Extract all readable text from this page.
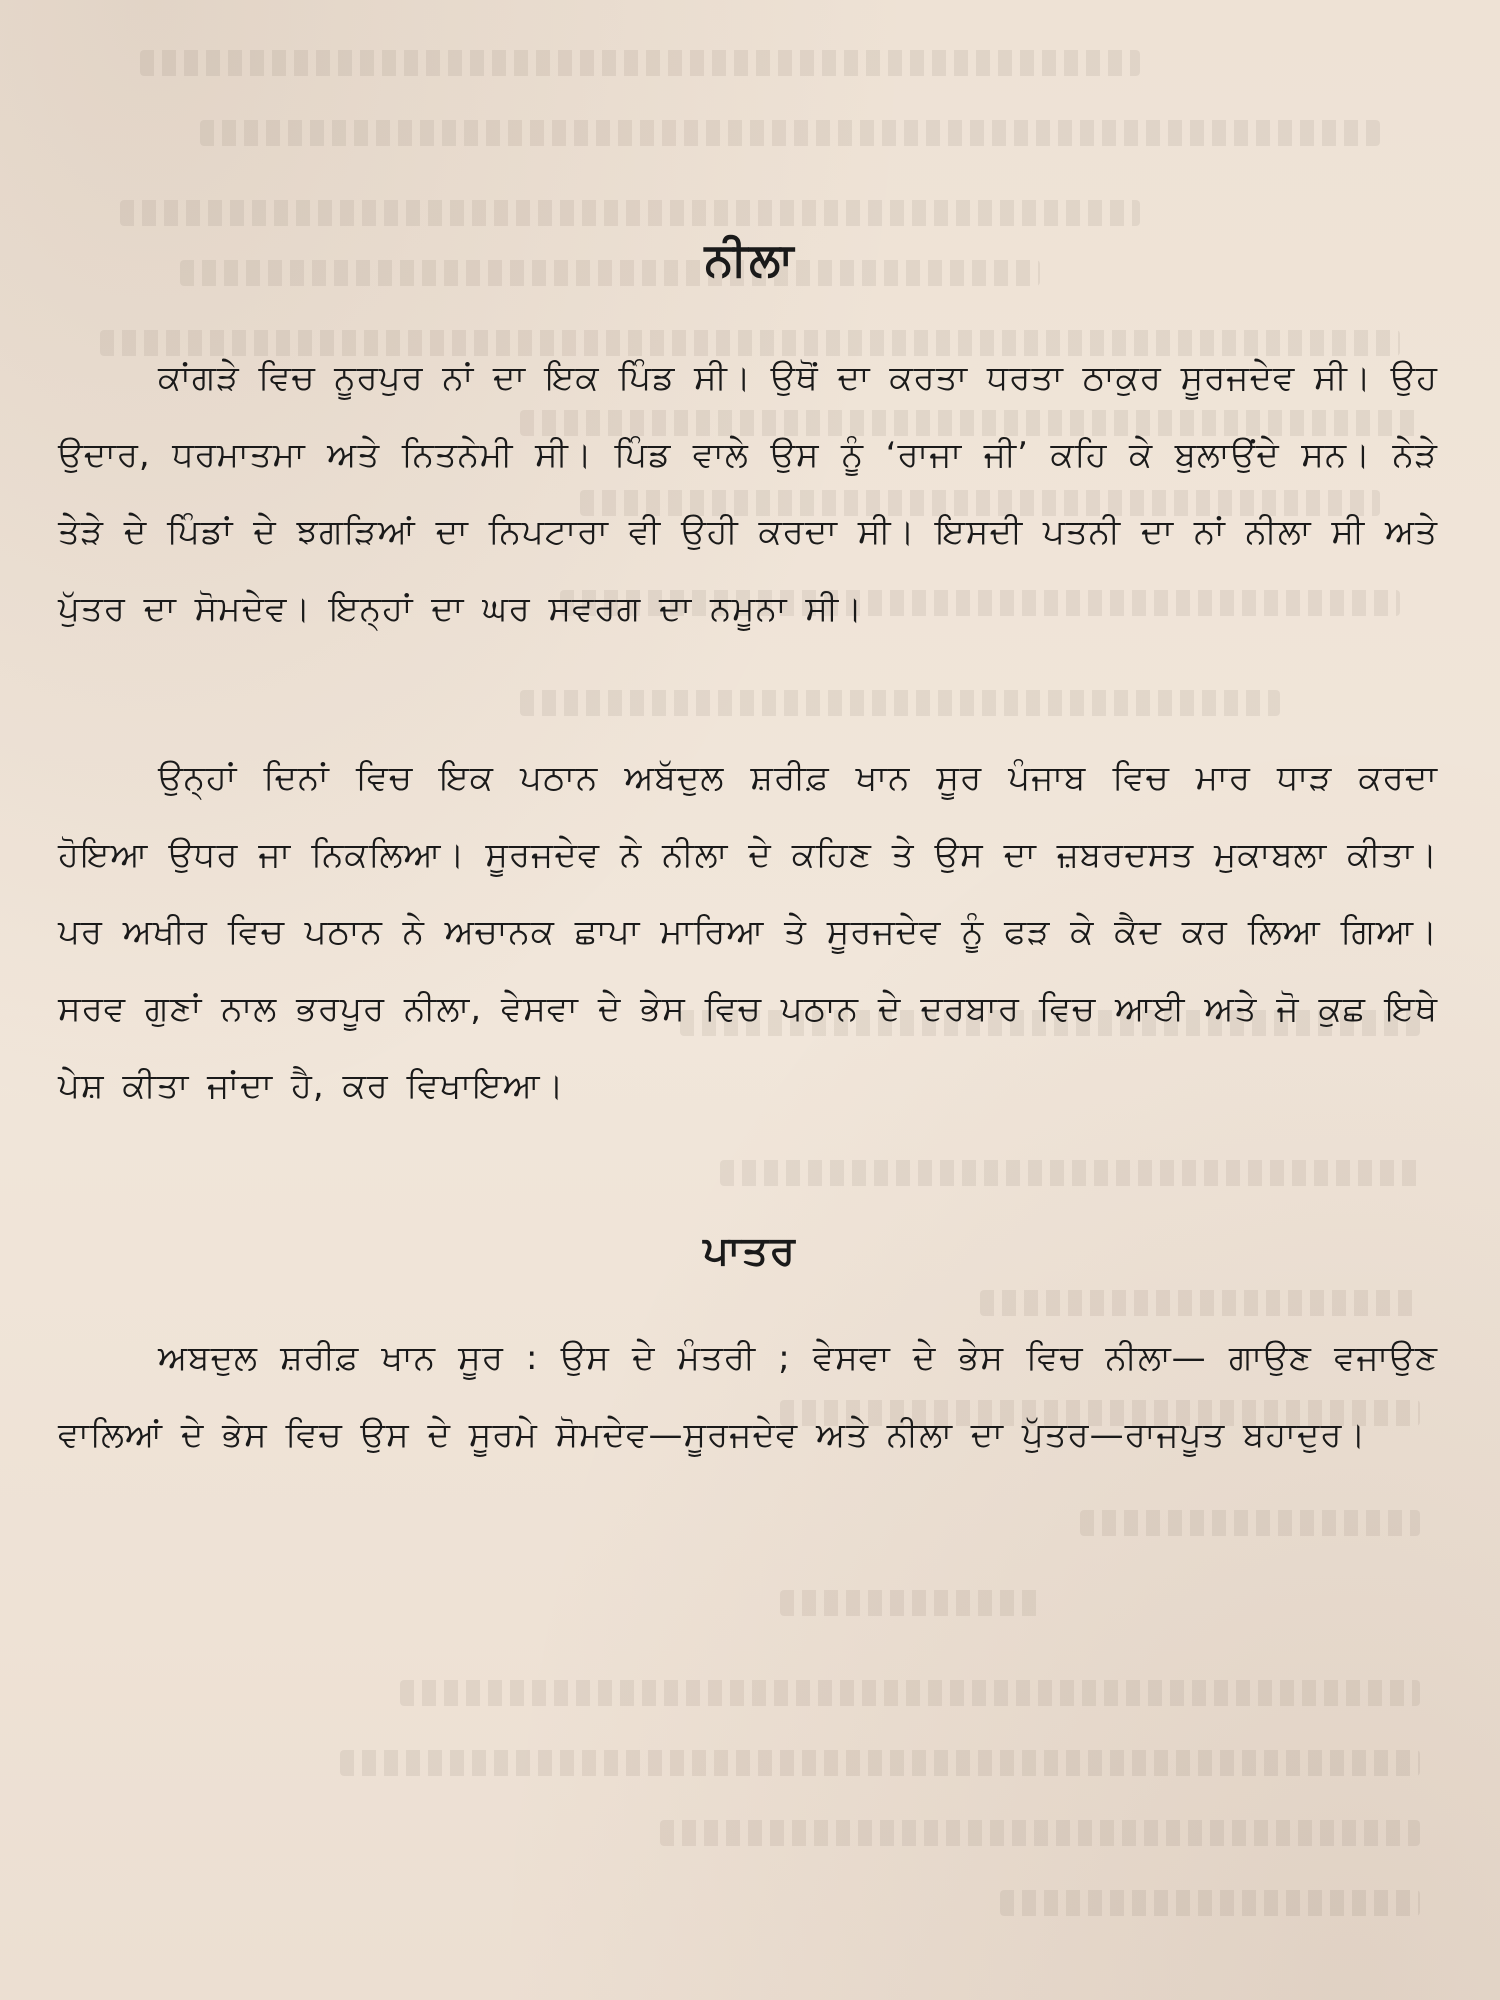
ਨੀਲਾ

ਕਾਂਗੜੇ ਵਿਚ ਨੂਰਪੁਰ ਨਾਂ ਦਾ ਇਕ ਪਿੰਡ ਸੀ। ਉਥੋਂ ਦਾ ਕਰਤਾ ਧਰਤਾ ਠਾਕੁਰ ਸੂਰਜਦੇਵ ਸੀ। ਉਹ ਉਦਾਰ, ਧਰਮਾਤਮਾ ਅਤੇ ਨਿਤਨੇਮੀ ਸੀ। ਪਿੰਡ ਵਾਲੇ ਉਸ ਨੂੰ ‘ਰਾਜਾ ਜੀ’ ਕਹਿ ਕੇ ਬੁਲਾਉਂਦੇ ਸਨ। ਨੇੜੇ ਤੇੜੇ ਦੇ ਪਿੰਡਾਂ ਦੇ ਝਗੜਿਆਂ ਦਾ ਨਿਪਟਾਰਾ ਵੀ ਉਹੀ ਕਰਦਾ ਸੀ। ਇਸਦੀ ਪਤਨੀ ਦਾ ਨਾਂ ਨੀਲਾ ਸੀ ਅਤੇ ਪੁੱਤਰ ਦਾ ਸੋਮਦੇਵ। ਇਨ੍ਹਾਂ ਦਾ ਘਰ ਸਵਰਗ ਦਾ ਨਮੂਨਾ ਸੀ।

ਉਨ੍ਹਾਂ ਦਿਨਾਂ ਵਿਚ ਇਕ ਪਠਾਨ ਅਬੱਦੁਲ ਸ਼ਰੀਫ਼ ਖਾਨ ਸੂਰ ਪੰਜਾਬ ਵਿਚ ਮਾਰ ਧਾੜ ਕਰਦਾ ਹੋਇਆ ਉਧਰ ਜਾ ਨਿਕਲਿਆ। ਸੂਰਜਦੇਵ ਨੇ ਨੀਲਾ ਦੇ ਕਹਿਣ ਤੇ ਉਸ ਦਾ ਜ਼ਬਰਦਸਤ ਮੁਕਾਬਲਾ ਕੀਤਾ। ਪਰ ਅਖੀਰ ਵਿਚ ਪਠਾਨ ਨੇ ਅਚਾਨਕ ਛਾਪਾ ਮਾਰਿਆ ਤੇ ਸੂਰਜਦੇਵ ਨੂੰ ਫੜ ਕੇ ਕੈਦ ਕਰ ਲਿਆ ਗਿਆ। ਸਰਵ ਗੁਣਾਂ ਨਾਲ ਭਰਪੂਰ ਨੀਲਾ, ਵੇਸਵਾ ਦੇ ਭੇਸ ਵਿਚ ਪਠਾਨ ਦੇ ਦਰਬਾਰ ਵਿਚ ਆਈ ਅਤੇ ਜੋ ਕੁਛ ਇਥੇ ਪੇਸ਼ ਕੀਤਾ ਜਾਂਦਾ ਹੈ, ਕਰ ਵਿਖਾਇਆ।

ਪਾਤਰ

ਅਬਦੁਲ ਸ਼ਰੀਫ਼ ਖਾਨ ਸੂਰ : ਉਸ ਦੇ ਮੰਤਰੀ ; ਵੇਸਵਾ ਦੇ ਭੇਸ ਵਿਚ ਨੀਲਾ— ਗਾਉਣ ਵਜਾਉਣ ਵਾਲਿਆਂ ਦੇ ਭੇਸ ਵਿਚ ਉਸ ਦੇ ਸੂਰਮੇ ਸੋਮਦੇਵ—ਸੂਰਜਦੇਵ ਅਤੇ ਨੀਲਾ ਦਾ ਪੁੱਤਰ—ਰਾਜਪੂਤ ਬਹਾਦੁਰ।
